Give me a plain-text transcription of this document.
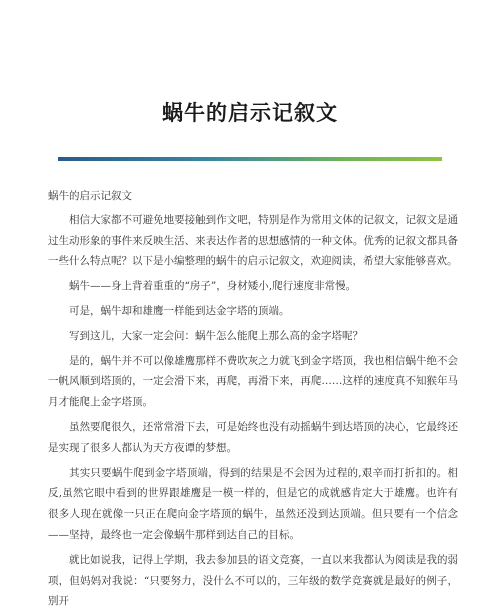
蜗牛的启示记叙文

蜗牛的启示记叙文

相信大家都不可避免地要接触到作文吧，特别是作为常用文体的记叙文，记叙文是通过生动形象的事件来反映生活、来表达作者的思想感情的一种文体。优秀的记叙文都具备一些什么特点呢？以下是小编整理的蜗牛的启示记叙文，欢迎阅读，希望大家能够喜欢。

蜗牛——身上背着重重的“房子”，身材矮小,爬行速度非常慢。

可是，蜗牛却和雄鹰一样能到达金字塔的顶端。

写到这儿，大家一定会问：蜗牛怎么能爬上那么高的金字塔呢？

是的，蜗牛并不可以像雄鹰那样不费吹灰之力就飞到金字塔顶，我也相信蜗牛绝不会一帆风顺到塔顶的，一定会滑下来，再爬，再滑下来，再爬……这样的速度真不知猴年马月才能爬上金字塔顶。

虽然要爬很久，还常常滑下去，可是始终也没有动摇蜗牛到达塔顶的决心，它最终还是实现了很多人都认为天方夜谭的梦想。

其实只要蜗牛爬到金字塔顶端，得到的结果是不会因为过程的,艰辛而打折扣的。相反,虽然它眼中看到的世界跟雄鹰是一模一样的，但是它的成就感肯定大于雄鹰。也许有很多人现在就像一只正在爬向金字塔顶的蜗牛，虽然还没到达顶端。但只要有一个信念——坚持，最终也一定会像蜗牛那样到达自己的目标。

就比如说我，记得上学期，我去参加县的语文竞赛，一直以来我都认为阅读是我的弱项，但妈妈对我说：“只要努力，没什么不可以的，三年级的数学竞赛就是最好的例子，别开
